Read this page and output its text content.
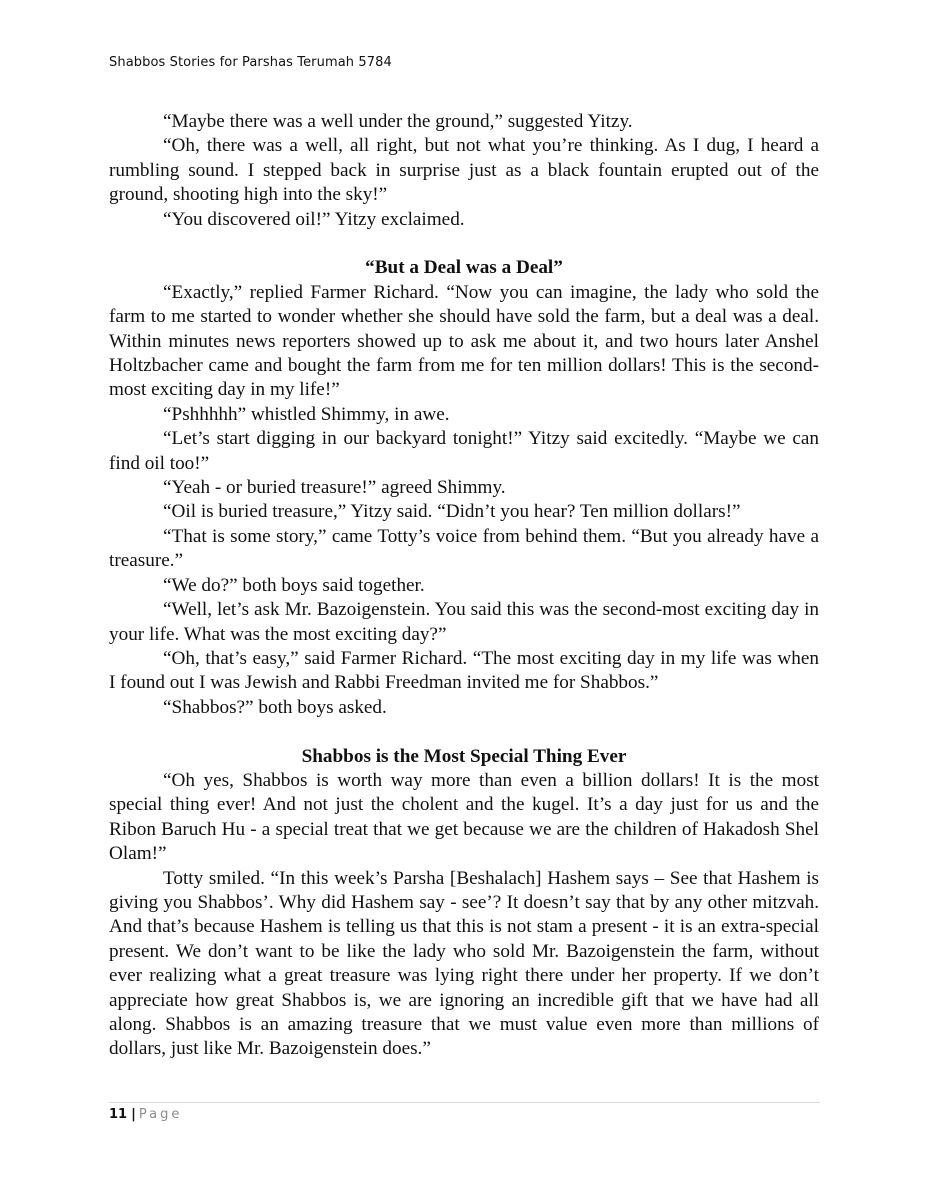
Shabbos Stories for Parshas Terumah 5784

“Maybe there was a well under the ground,” suggested Yitzy.

“Oh, there was a well, all right, but not what you’re thinking. As I dug, I heard a rumbling sound. I stepped back in surprise just as a black fountain erupted out of the ground, shooting high into the sky!”

“You discovered oil!” Yitzy exclaimed.

“But a Deal was a Deal”

“Exactly,” replied Farmer Richard. “Now you can imagine, the lady who sold the farm to me started to wonder whether she should have sold the farm, but a deal was a deal. Within minutes news reporters showed up to ask me about it, and two hours later Anshel Holtzbacher came and bought the farm from me for ten million dollars! This is the second-most exciting day in my life!”

“Pshhhhh” whistled Shimmy, in awe.

“Let’s start digging in our backyard tonight!” Yitzy said excitedly. “Maybe we can find oil too!”

“Yeah - or buried treasure!” agreed Shimmy.

“Oil is buried treasure,” Yitzy said. “Didn’t you hear? Ten million dollars!”

“That is some story,” came Totty’s voice from behind them. “But you already have a treasure.”

“We do?” both boys said together.

“Well, let’s ask Mr. Bazoigenstein. You said this was the second-most exciting day in your life. What was the most exciting day?”

“Oh, that’s easy,” said Farmer Richard. “The most exciting day in my life was when I found out I was Jewish and Rabbi Freedman invited me for Shabbos.”

“Shabbos?” both boys asked.

Shabbos is the Most Special Thing Ever

“Oh yes, Shabbos is worth way more than even a billion dollars! It is the most special thing ever! And not just the cholent and the kugel. It’s a day just for us and the Ribon Baruch Hu - a special treat that we get because we are the children of Hakadosh Shel Olam!”

Totty smiled. “In this week’s Parsha [Beshalach] Hashem says – See that Hashem is giving you Shabbos’. Why did Hashem say - see’? It doesn’t say that by any other mitzvah. And that’s because Hashem is telling us that this is not stam a present - it is an extra-special present. We don’t want to be like the lady who sold Mr. Bazoigenstein the farm, without ever realizing what a great treasure was lying right there under her property. If we don’t appreciate how great Shabbos is, we are ignoring an incredible gift that we have had all along. Shabbos is an amazing treasure that we must value even more than millions of dollars, just like Mr. Bazoigenstein does.”

11 | Page
